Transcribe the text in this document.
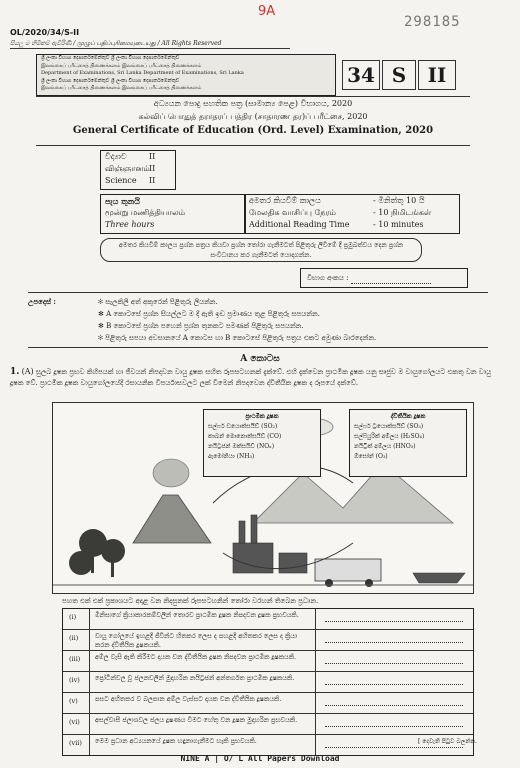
9A
298185
OL/2020/34/S-II
සියලු ම හිමිකම් ඇවිරිණි / முழுப் பதிப்புரிமையுடையது / All Rights Reserved
ශ්‍රී ලංකා විභාග දෙපාර්තමේන්තුව ශ්‍රී ලංකා විභාග දෙපාර්තමේන්තුව
இலங்கைப் பரீட்சைத் திணைக்களம் இலங்கைப் பரீட்சைத் திணைக்களம்
Department of Examinations, Sri Lanka Department of Examinations, Sri Lanka
ශ්‍රී ලංකා විභාග දෙපාර්තමේන්තුව ශ්‍රී ලංකා විභාග දෙපාර්තමේන්තුව
இலங்கைப் பரீட்சைத் திணைக்களம் இலங்கைப் பரீட்சைத் திணைக்களம்
34 S	II
අධ්‍යයන පොදු සහතික පත්‍ර (සාමාන්‍ය පෙළ) විභාගය, 2020
கல்விப் பொதுத் தராதரப் பத்திர (சாதாரண தர)ப் பரீட்சை, 2020
General Certificate of Education (Ord. Level) Examination, 2020
විද්‍යාව	II
விஞ்ஞானம் II
Science II
පැය තුනයි
மூன்று மணித்தியாலம்
Three hours
අමතර කියවීම් කාලය	- මිනිත්තු 10 යි
மேலதிக வாசிப்பு நேரம்	- 10 நிமிடங்கள்
Additional Reading Time	- 10 minutes
අමතර කියවීම් කාලය ප්‍රශ්න පත්‍රය කියවා ප්‍රශ්න තෝරා ගැනීමටත් පිළිතුරු ලිවීමේ දී ප්‍රමුඛත්වය දෙන ප්‍රශ්න සංවිධානය කර ගැනීමටත් යොදාගන්න.
විභාග අංකය :
උපදෙස් :	✻ සැලකිලි අත් අකුරෙන් පිළිතුරු ලියන්න.
✻ A කොටසේ ප්‍රශ්න සියල්ලට ම දී ඇති ඉඩ ප්‍රමාණය තුළ පිළිතුරු සපයන්න.
✻ B කොටසේ ප්‍රශ්න පහෙන් ප්‍රශ්න තුනකට පමණක් පිළිතුරු සපයන්න.
✻ පිළිතුරු සපයා අවසානයේ A කොටස හා B කොටසේ පිළිතුරු පත්‍රය එකට අමුණා බාරදෙන්න.
A කොටස
1. (A) සුලබ දූෂක ප්‍රභව කිහිපයක් හා ජීවයන් නිපදවන වායු දූෂක සහිත රූපසටහනක් දැක්වේ. එහි දැක්වෙන ප්‍රාථමික දූෂක යනු සෘජුව ම වායුගෝලයට එකතු වන වායු දූෂක වේ. ප්‍රාථමික දූෂක වායුගෝලයේදී රසායනික විපර්යාසවලට ලක් වීමෙන් නිපදවෙන ද්විතීයික දූෂක ද රූපයේ දක්වේ.
ප්‍රාථමික දූෂක
සල්ෆර් ඩයොක්සයිඩ් (SO₂)
කාබන් මොනොක්සයිඩ් (CO)
නයිට්‍රජන් ඔක්සයිඩ් (NOₓ)
ඇමෝනියා (NH₃)
ද්විතීයික දූෂක
සල්ෆර් ට්‍රයොක්සයිඩ් (SO₃)
සල්ෆියුරික් අම්ලය (H₂SO₄)
නයිට්‍රික් අම්ලය (HNO₃)
ඕසෝන් (O₃)
පහත එක් එක් ප්‍රකාශයට අදාළ වන නිදසුනක් රූපසටහනින් තෝරා වරහන් තිබෙන ප්‍රධාන.
(i)	මිනිසාගේ ක්‍රියාකාරකම්වලින් තොරව ප්‍රාථමික දූෂක නිපදවන දූෂක ප්‍රභවයකි.
(ii)	වායු ගෝලයේ ඉහළදී ජීවීන්ට හිතකර ලෙස ද පහළදී අහිතකර ලෙස ද ක්‍රියා කරන ද්විතීයික දූෂකයකි.
(iii) අම්ල වැසි ඇති කිරීමට දායක වන ද්විතීයික දූෂක නිපදවන ප්‍රාථමික දූෂකයකි.
(iv) ප්‍රෝටීන්වල වූ ජලනවලින් මුදාහරින නයිට්‍රජන් අන්තර්ගත ප්‍රාථමික දූෂකයකි.
(v)	පසට අහිතකර ව බලපාන අම්ල වැස්සට දායක වන ද්විතීයික දූෂකයකි.
(vi) අසල්වාසී ජලාශවල ජලය දූෂණය වීමට හේතු වන දූෂක මුදාහරින ප්‍රභවයකි.
(vii) මෙම ප්‍රධාන අධ්‍යයනයේ දූෂක හඳුනාගැනීමට හැකි ප්‍රභවයකි.	[ දෙවැනි පිටුව බලන්න.
NINE A | O/ L All Papers Download
